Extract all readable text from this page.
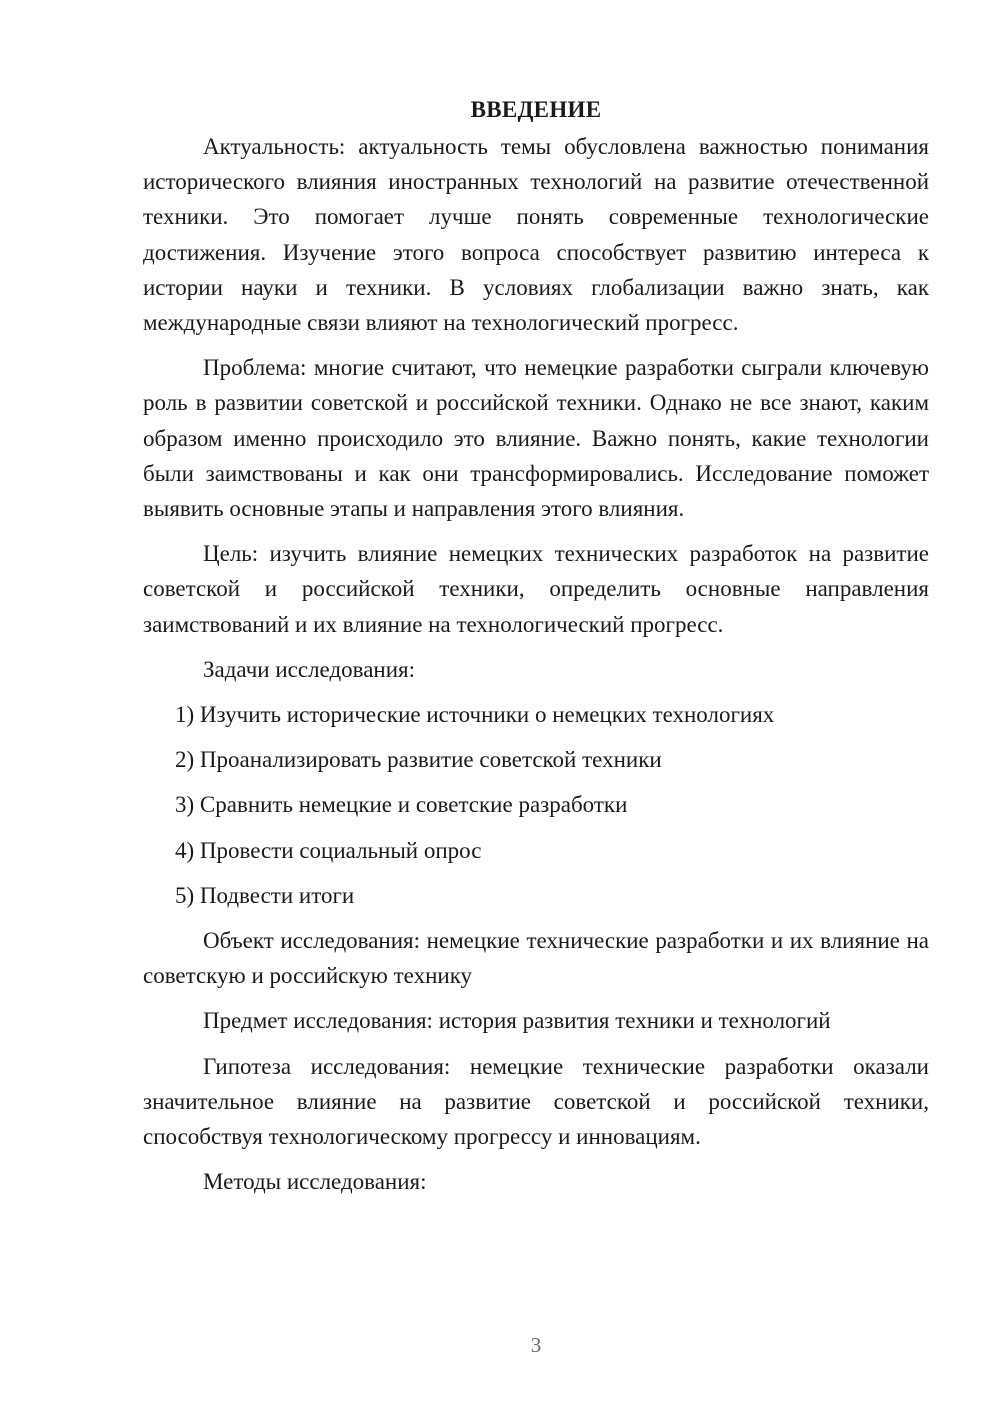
ВВЕДЕНИЕ

Актуальность: актуальность темы обусловлена важностью понимания исторического влияния иностранных технологий на развитие отечественной техники. Это помогает лучше понять современные технологические достижения. Изучение этого вопроса способствует развитию интереса к истории науки и техники. В условиях глобализации важно знать, как международные связи влияют на технологический прогресс.

Проблема: многие считают, что немецкие разработки сыграли ключевую роль в развитии советской и российской техники. Однако не все знают, каким образом именно происходило это влияние. Важно понять, какие технологии были заимствованы и как они трансформировались. Исследование поможет выявить основные этапы и направления этого влияния.

Цель: изучить влияние немецких технических разработок на развитие советской и российской техники, определить основные направления заимствований и их влияние на технологический прогресс.

Задачи исследования:

1) Изучить исторические источники о немецких технологиях
2) Проанализировать развитие советской техники
3) Сравнить немецкие и советские разработки
4) Провести социальный опрос
5) Подвести итоги

Объект исследования: немецкие технические разработки и их влияние на советскую и российскую технику

Предмет исследования: история развития техники и технологий

Гипотеза исследования: немецкие технические разработки оказали значительное влияние на развитие советской и российской техники, способствуя технологическому прогрессу и инновациям.

Методы исследования:

3
